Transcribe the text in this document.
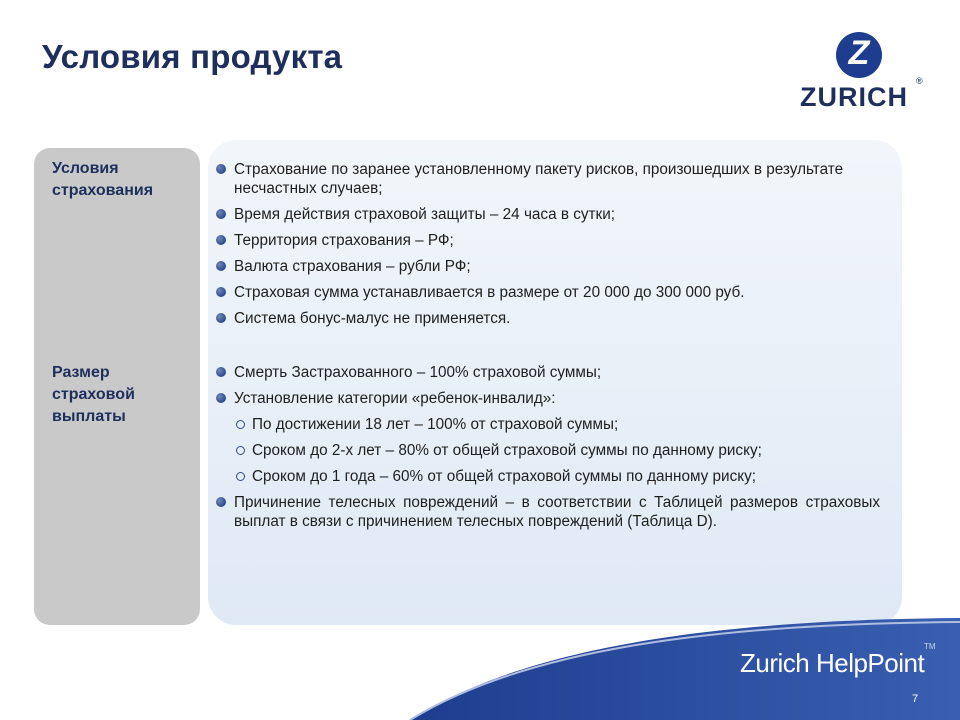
Условия продукта	Z
ZURICH
®
Условия страхования
Размер страховой выплаты
Страхование по заранее установленному пакету рисков, произошедших в результате несчастных случаев;
Время действия страховой защиты – 24 часа в сутки;
Территория страхования – РФ;
Валюта страхования – рубли РФ;
Страховая сумма устанавливается в размере от 20 000 до 300 000 руб.
Система бонус-малус не применяется.
Смерть Застрахованного – 100% страховой суммы;
Установление категории «ребенок-инвалид»:
По достижении 18 лет – 100% от страховой суммы;
Сроком до 2-х лет – 80% от общей страховой суммы по данному риску;
Сроком до 1 года – 60% от общей страховой суммы по данному риску;
Причинение телесных повреждений – в соответствии с Таблицей размеров страховых выплат в связи с причинением телесных повреждений (Таблица D).
Zurich HelpPoint
TM
7
